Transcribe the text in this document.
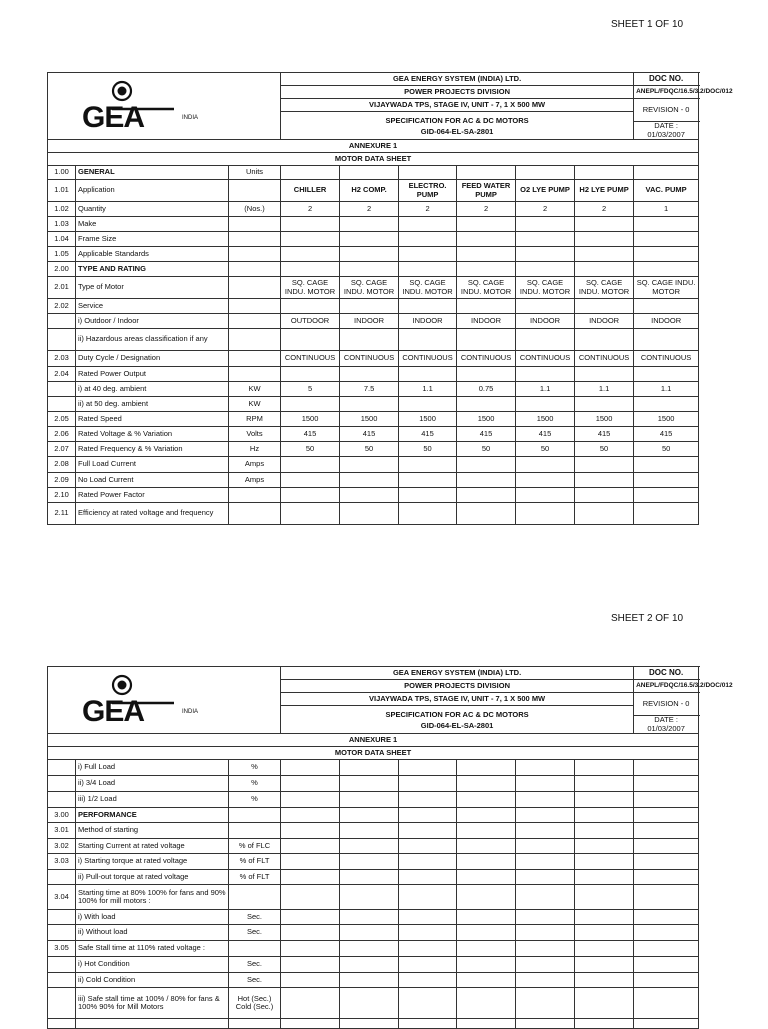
SHEET 1 OF 10
SHEET 2 OF 10
GEA INDIA			GEA ENERGY SYSTEM (INDIA) LTD.						DOC NO.
			POWER PROJECTS DIVISION						ANEPL/FDQC/16.5/3.2/DOC/012
			VIJAYWADA TPS, STAGE IV, UNIT - 7, 1 X 500 MW						REVISION - 0
			SPECIFICATION FOR AC & DC MOTORS
GID-064-EL-SA-2801						
									DATE : 01/03/2007
ANNEXURE 1									
MOTOR DATA SHEET									
1.00	GENERAL	Units							
1.01	Application		CHILLER	H2 COMP.	ELECTRO. PUMP	FEED WATER PUMP	O2 LYE PUMP	H2 LYE PUMP	VAC. PUMP
1.02	Quantity	(Nos.)	2	2	2	2	2	2	1
1.03	Make								
1.04	Frame Size								
1.05	Applicable Standards								
2.00	TYPE AND RATING								
2.01	Type of Motor		SQ. CAGE INDU. MOTOR	SQ. CAGE INDU. MOTOR	SQ. CAGE INDU. MOTOR	SQ. CAGE INDU. MOTOR	SQ. CAGE INDU. MOTOR	SQ. CAGE INDU. MOTOR	SQ. CAGE INDU. MOTOR
2.02	Service								
	i) Outdoor / Indoor		OUTDOOR	INDOOR	INDOOR	INDOOR	INDOOR	INDOOR	INDOOR
	ii) Hazardous areas classification if any								
2.03	Duty Cycle / Designation		CONTINUOUS	CONTINUOUS	CONTINUOUS	CONTINUOUS	CONTINUOUS	CONTINUOUS	CONTINUOUS
2.04	Rated Power Output								
	i) at 40 deg. ambient	KW	5	7.5	1.1	0.75	1.1	1.1	1.1
	ii) at 50 deg. ambient	KW							
2.05	Rated Speed	RPM	1500	1500	1500	1500	1500	1500	1500
2.06	Rated Voltage & % Variation	Volts	415	415	415	415	415	415	415
2.07	Rated Frequency & % Variation	Hz	50	50	50	50	50	50	50
2.08	Full Load Current	Amps							
2.09	No Load Current	Amps							
2.10	Rated Power Factor								
2.11	Efficiency at rated voltage and frequency								
GEA INDIA			GEA ENERGY SYSTEM (INDIA) LTD.						DOC NO.
			POWER PROJECTS DIVISION						ANEPL/FDQC/16.5/3.2/DOC/012
			VIJAYWADA TPS, STAGE IV, UNIT - 7, 1 X 500 MW						REVISION - 0
			SPECIFICATION FOR AC & DC MOTORS
GID-064-EL-SA-2801						
									DATE : 01/03/2007
ANNEXURE 1									
MOTOR DATA SHEET									
	i) Full Load	%							
	ii) 3/4 Load	%							
	iii) 1/2 Load	%							
3.00	PERFORMANCE								
3.01	Method of starting								
3.02	Starting Current at rated voltage	% of FLC							
3.03	i) Starting torque at rated voltage	% of FLT							
	ii) Pull-out torque at rated voltage	% of FLT							
3.04	Starting time at 80% 100% for fans and 90% 100% for mill motors :								
	i) With load	Sec.							
	ii) Without load	Sec.							
3.05	Safe Stall time at 110% rated voltage :								
	i) Hot Condition	Sec.							
	ii) Cold Condition	Sec.							
	iii) Safe stall time at 100% / 80% for fans & 100% 90% for Mill Motors	Hot (Sec.) Cold (Sec.)							
